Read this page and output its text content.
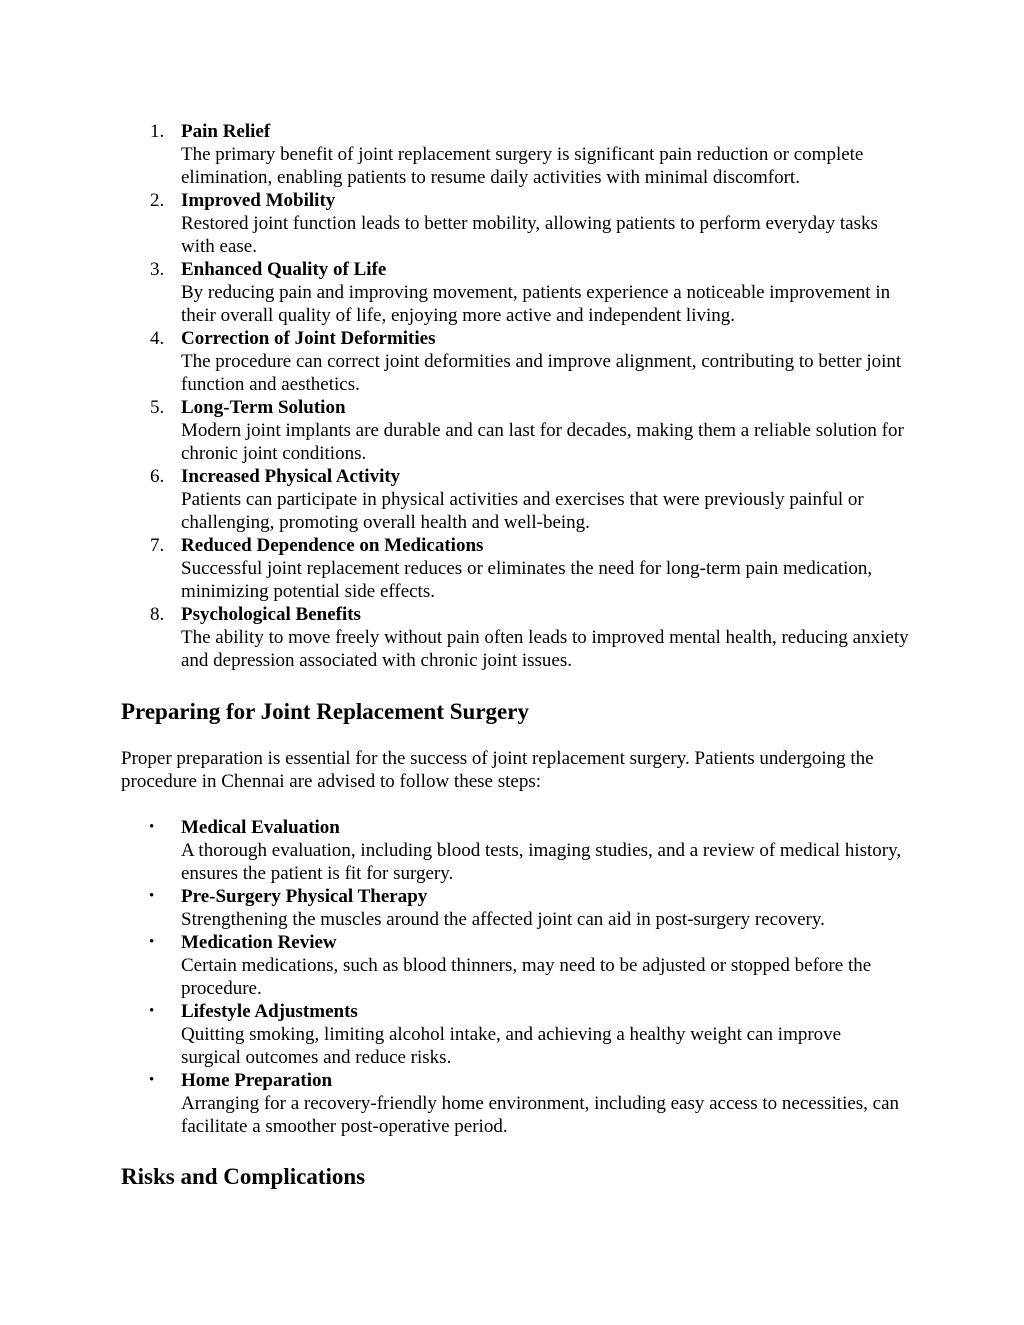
1. Pain Relief
The primary benefit of joint replacement surgery is significant pain reduction or complete elimination, enabling patients to resume daily activities with minimal discomfort.
2. Improved Mobility
Restored joint function leads to better mobility, allowing patients to perform everyday tasks with ease.
3. Enhanced Quality of Life
By reducing pain and improving movement, patients experience a noticeable improvement in their overall quality of life, enjoying more active and independent living.
4. Correction of Joint Deformities
The procedure can correct joint deformities and improve alignment, contributing to better joint function and aesthetics.
5. Long-Term Solution
Modern joint implants are durable and can last for decades, making them a reliable solution for chronic joint conditions.
6. Increased Physical Activity
Patients can participate in physical activities and exercises that were previously painful or challenging, promoting overall health and well-being.
7. Reduced Dependence on Medications
Successful joint replacement reduces or eliminates the need for long-term pain medication, minimizing potential side effects.
8. Psychological Benefits
The ability to move freely without pain often leads to improved mental health, reducing anxiety and depression associated with chronic joint issues.
Preparing for Joint Replacement Surgery

Proper preparation is essential for the success of joint replacement surgery. Patients undergoing the procedure in Chennai are advised to follow these steps:

• Medical Evaluation
A thorough evaluation, including blood tests, imaging studies, and a review of medical history, ensures the patient is fit for surgery.
• Pre-Surgery Physical Therapy
Strengthening the muscles around the affected joint can aid in post-surgery recovery.
• Medication Review
Certain medications, such as blood thinners, may need to be adjusted or stopped before the procedure.
• Lifestyle Adjustments
Quitting smoking, limiting alcohol intake, and achieving a healthy weight can improve surgical outcomes and reduce risks.
• Home Preparation
Arranging for a recovery-friendly home environment, including easy access to necessities, can facilitate a smoother post-operative period.
Risks and Complications
